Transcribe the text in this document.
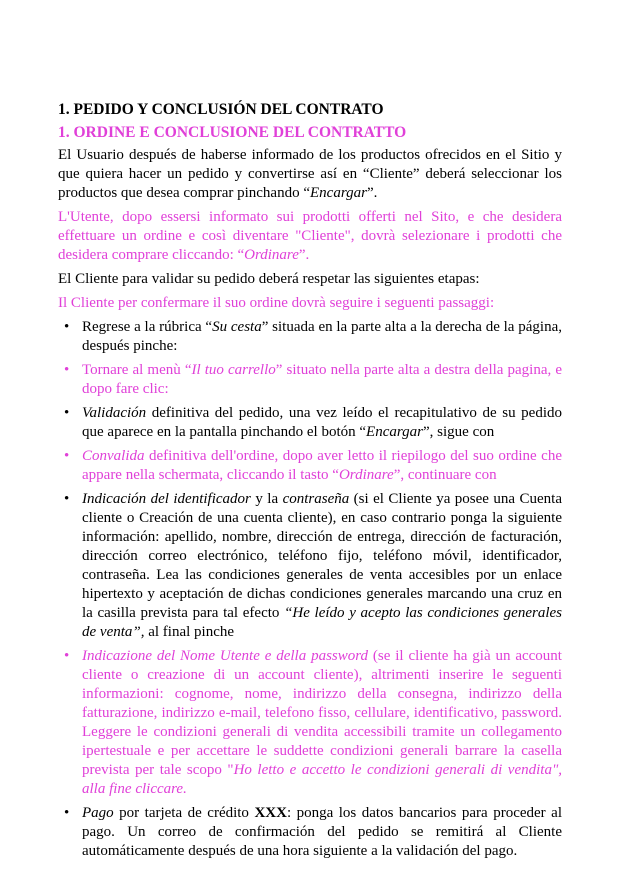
1. PEDIDO Y CONCLUSIÓN DEL CONTRATO
1. ORDINE E CONCLUSIONE DEL CONTRATTO

El Usuario después de haberse informado de los productos ofrecidos en el Sitio y que quiera hacer un pedido y convertirse así en “Cliente” deberá seleccionar los productos que desea comprar pinchando “Encargar”.

L'Utente, dopo essersi informato sui prodotti offerti nel Sito, e che desidera effettuare un ordine e così diventare "Cliente", dovrà selezionare i prodotti che desidera comprare cliccando: “Ordinare”.

El Cliente para validar su pedido deberá respetar las siguientes etapas:

Il Cliente per confermare il suo ordine dovrà seguire i seguenti passaggi:

• Regrese a la rúbrica “Su cesta” situada en la parte alta a la derecha de la página, después pinche:
• Tornare al menù “Il tuo carrello” situato nella parte alta a destra della pagina, e dopo fare clic:
• Validación definitiva del pedido, una vez leído el recapitulativo de su pedido que aparece en la pantalla pinchando el botón “Encargar”, sigue con
• Convalida definitiva dell'ordine, dopo aver letto il riepilogo del suo ordine che appare nella schermata, cliccando il tasto “Ordinare”, continuare con
• Indicación del identificador y la contraseña (si el Cliente ya posee una Cuenta cliente o Creación de una cuenta cliente), en caso contrario ponga la siguiente información: apellido, nombre, dirección de entrega, dirección de facturación, dirección correo electrónico, teléfono fijo, teléfono móvil, identificador, contraseña. Lea las condiciones generales de venta accesibles por un enlace hipertexto y aceptación de dichas condiciones generales marcando una cruz en la casilla prevista para tal efecto “He leído y acepto las condiciones generales de venta”, al final pinche
• Indicazione del Nome Utente e della password (se il cliente ha già un account cliente o creazione di un account cliente), altrimenti inserire le seguenti informazioni: cognome, nome, indirizzo della consegna, indirizzo della fatturazione, indirizzo e-mail, telefono fisso, cellulare, identificativo, password. Leggere le condizioni generali di vendita accessibili tramite un collegamento ipertestuale e per accettare le suddette condizioni generali barrare la casella prevista per tale scopo "Ho letto e accetto le condizioni generali di vendita", alla fine cliccare.
• Pago por tarjeta de crédito XXX: ponga los datos bancarios para proceder al pago. Un correo de confirmación del pedido se remitirá al Cliente automáticamente después de una hora siguiente a la validación del pago.
